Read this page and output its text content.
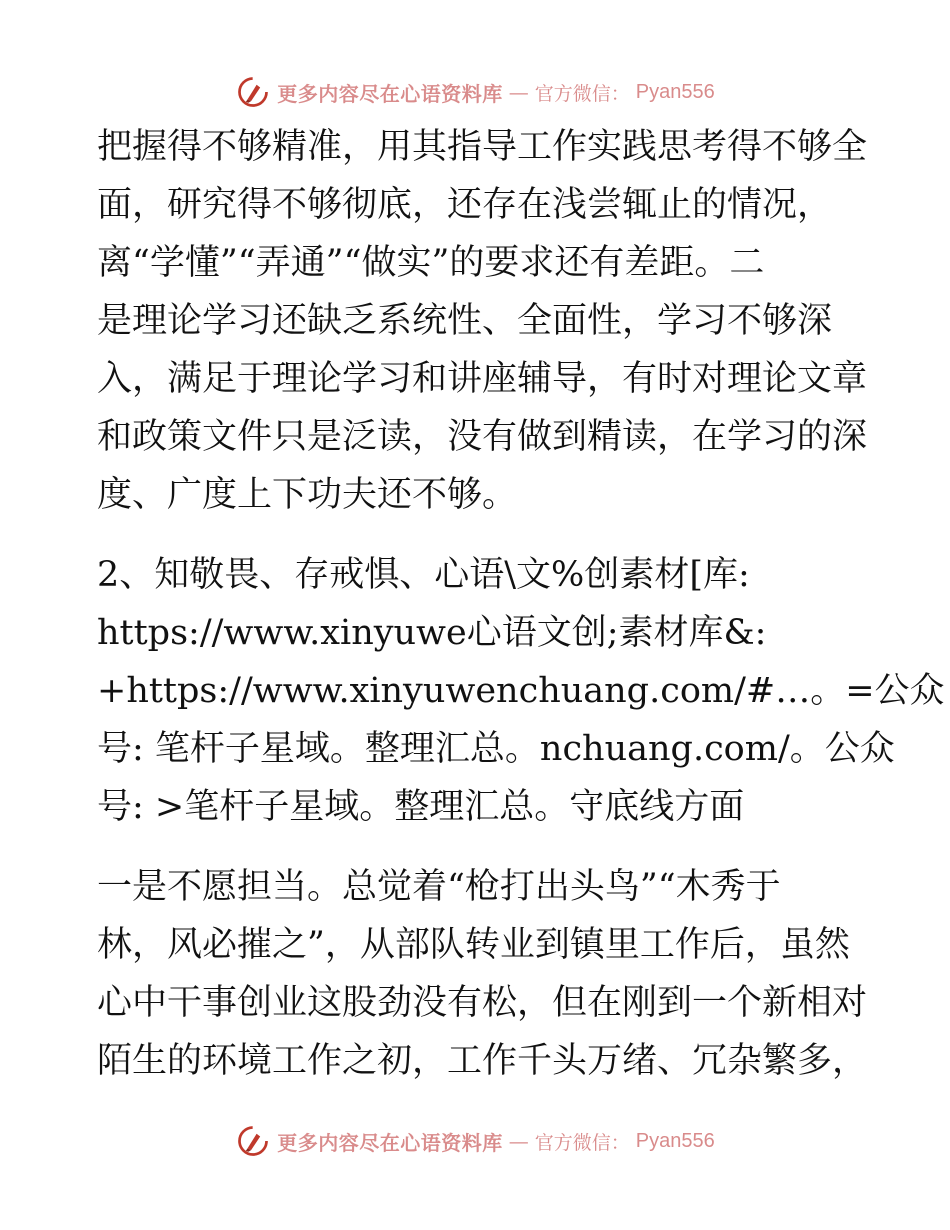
更多内容尽在心语资料库 — 官方微信： Pyan556
把握得不够精准，用其指导工作实践思考得不够全
面，研究得不够彻底，还存在浅尝辄止的情况，
离“学懂”“弄通”“做实”的要求还有差距。二
是理论学习还缺乏系统性、全面性，学习不够深
入，满足于理论学习和讲座辅导，有时对理论文章
和政策文件只是泛读，没有做到精读，在学习的深
度、广度上下功夫还不够。
2、知敬畏、存戒惧、心语\文%创素材[库:
https://www.xinyuwe心语文创;素材库&:
+https://www.xinyuwenchuang.com/#…。=公众
号: 笔杆子星域。整理汇总。nchuang.com/。公众
号: >笔杆子星域。整理汇总。守底线方面
一是不愿担当。总觉着“枪打出头鸟”“木秀于
林，风必摧之”，从部队转业到镇里工作后，虽然
心中干事创业这股劲没有松，但在刚到一个新相对
陌生的环境工作之初，工作千头万绪、冗杂繁多，
更多内容尽在心语资料库 — 官方微信： Pyan556
